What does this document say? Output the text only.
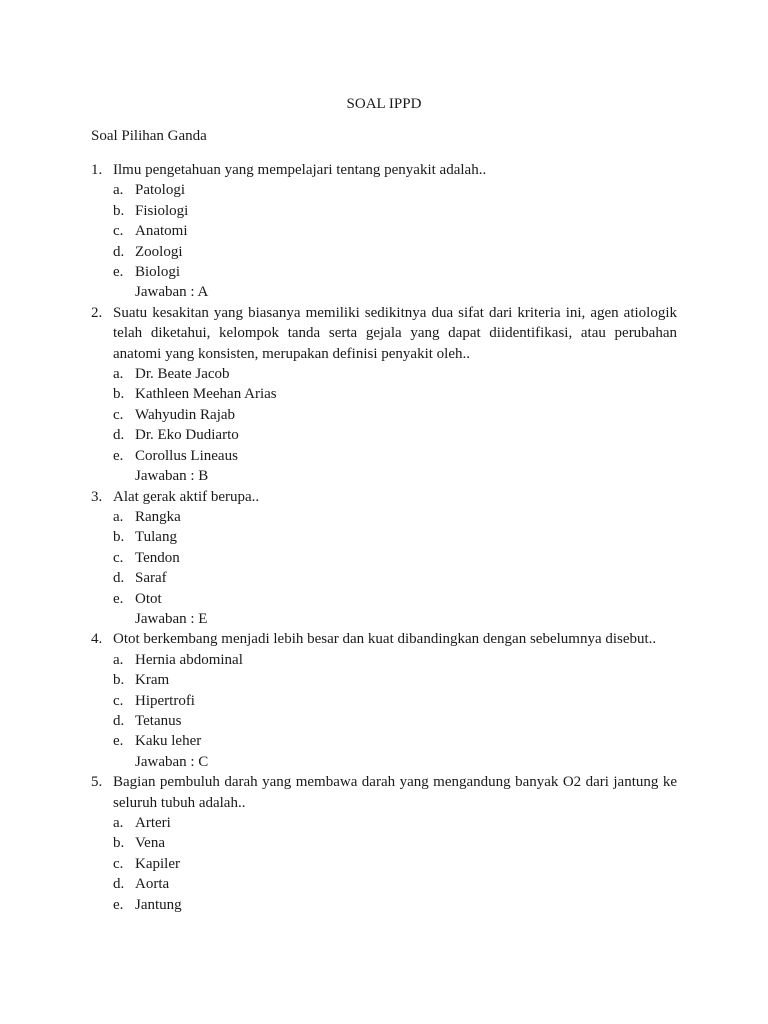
SOAL IPPD
Soal Pilihan Ganda
1. Ilmu pengetahuan yang mempelajari tentang penyakit adalah..
a. Patologi
b. Fisiologi
c. Anatomi
d. Zoologi
e. Biologi
Jawaban : A
2. Suatu kesakitan yang biasanya memiliki sedikitnya dua sifat dari kriteria ini, agen atiologik telah diketahui, kelompok tanda serta gejala yang dapat diidentifikasi, atau perubahan anatomi yang konsisten, merupakan definisi penyakit oleh..
a. Dr. Beate Jacob
b. Kathleen Meehan Arias
c. Wahyudin Rajab
d. Dr. Eko Dudiarto
e. Corollus Lineaus
Jawaban : B
3. Alat gerak aktif berupa..
a. Rangka
b. Tulang
c. Tendon
d. Saraf
e. Otot
Jawaban : E
4. Otot berkembang menjadi lebih besar dan kuat dibandingkan dengan sebelumnya disebut..
a. Hernia abdominal
b. Kram
c. Hipertrofi
d. Tetanus
e. Kaku leher
Jawaban : C
5. Bagian pembuluh darah yang membawa darah yang mengandung banyak O2 dari jantung ke seluruh tubuh adalah..
a. Arteri
b. Vena
c. Kapiler
d. Aorta
e. Jantung
